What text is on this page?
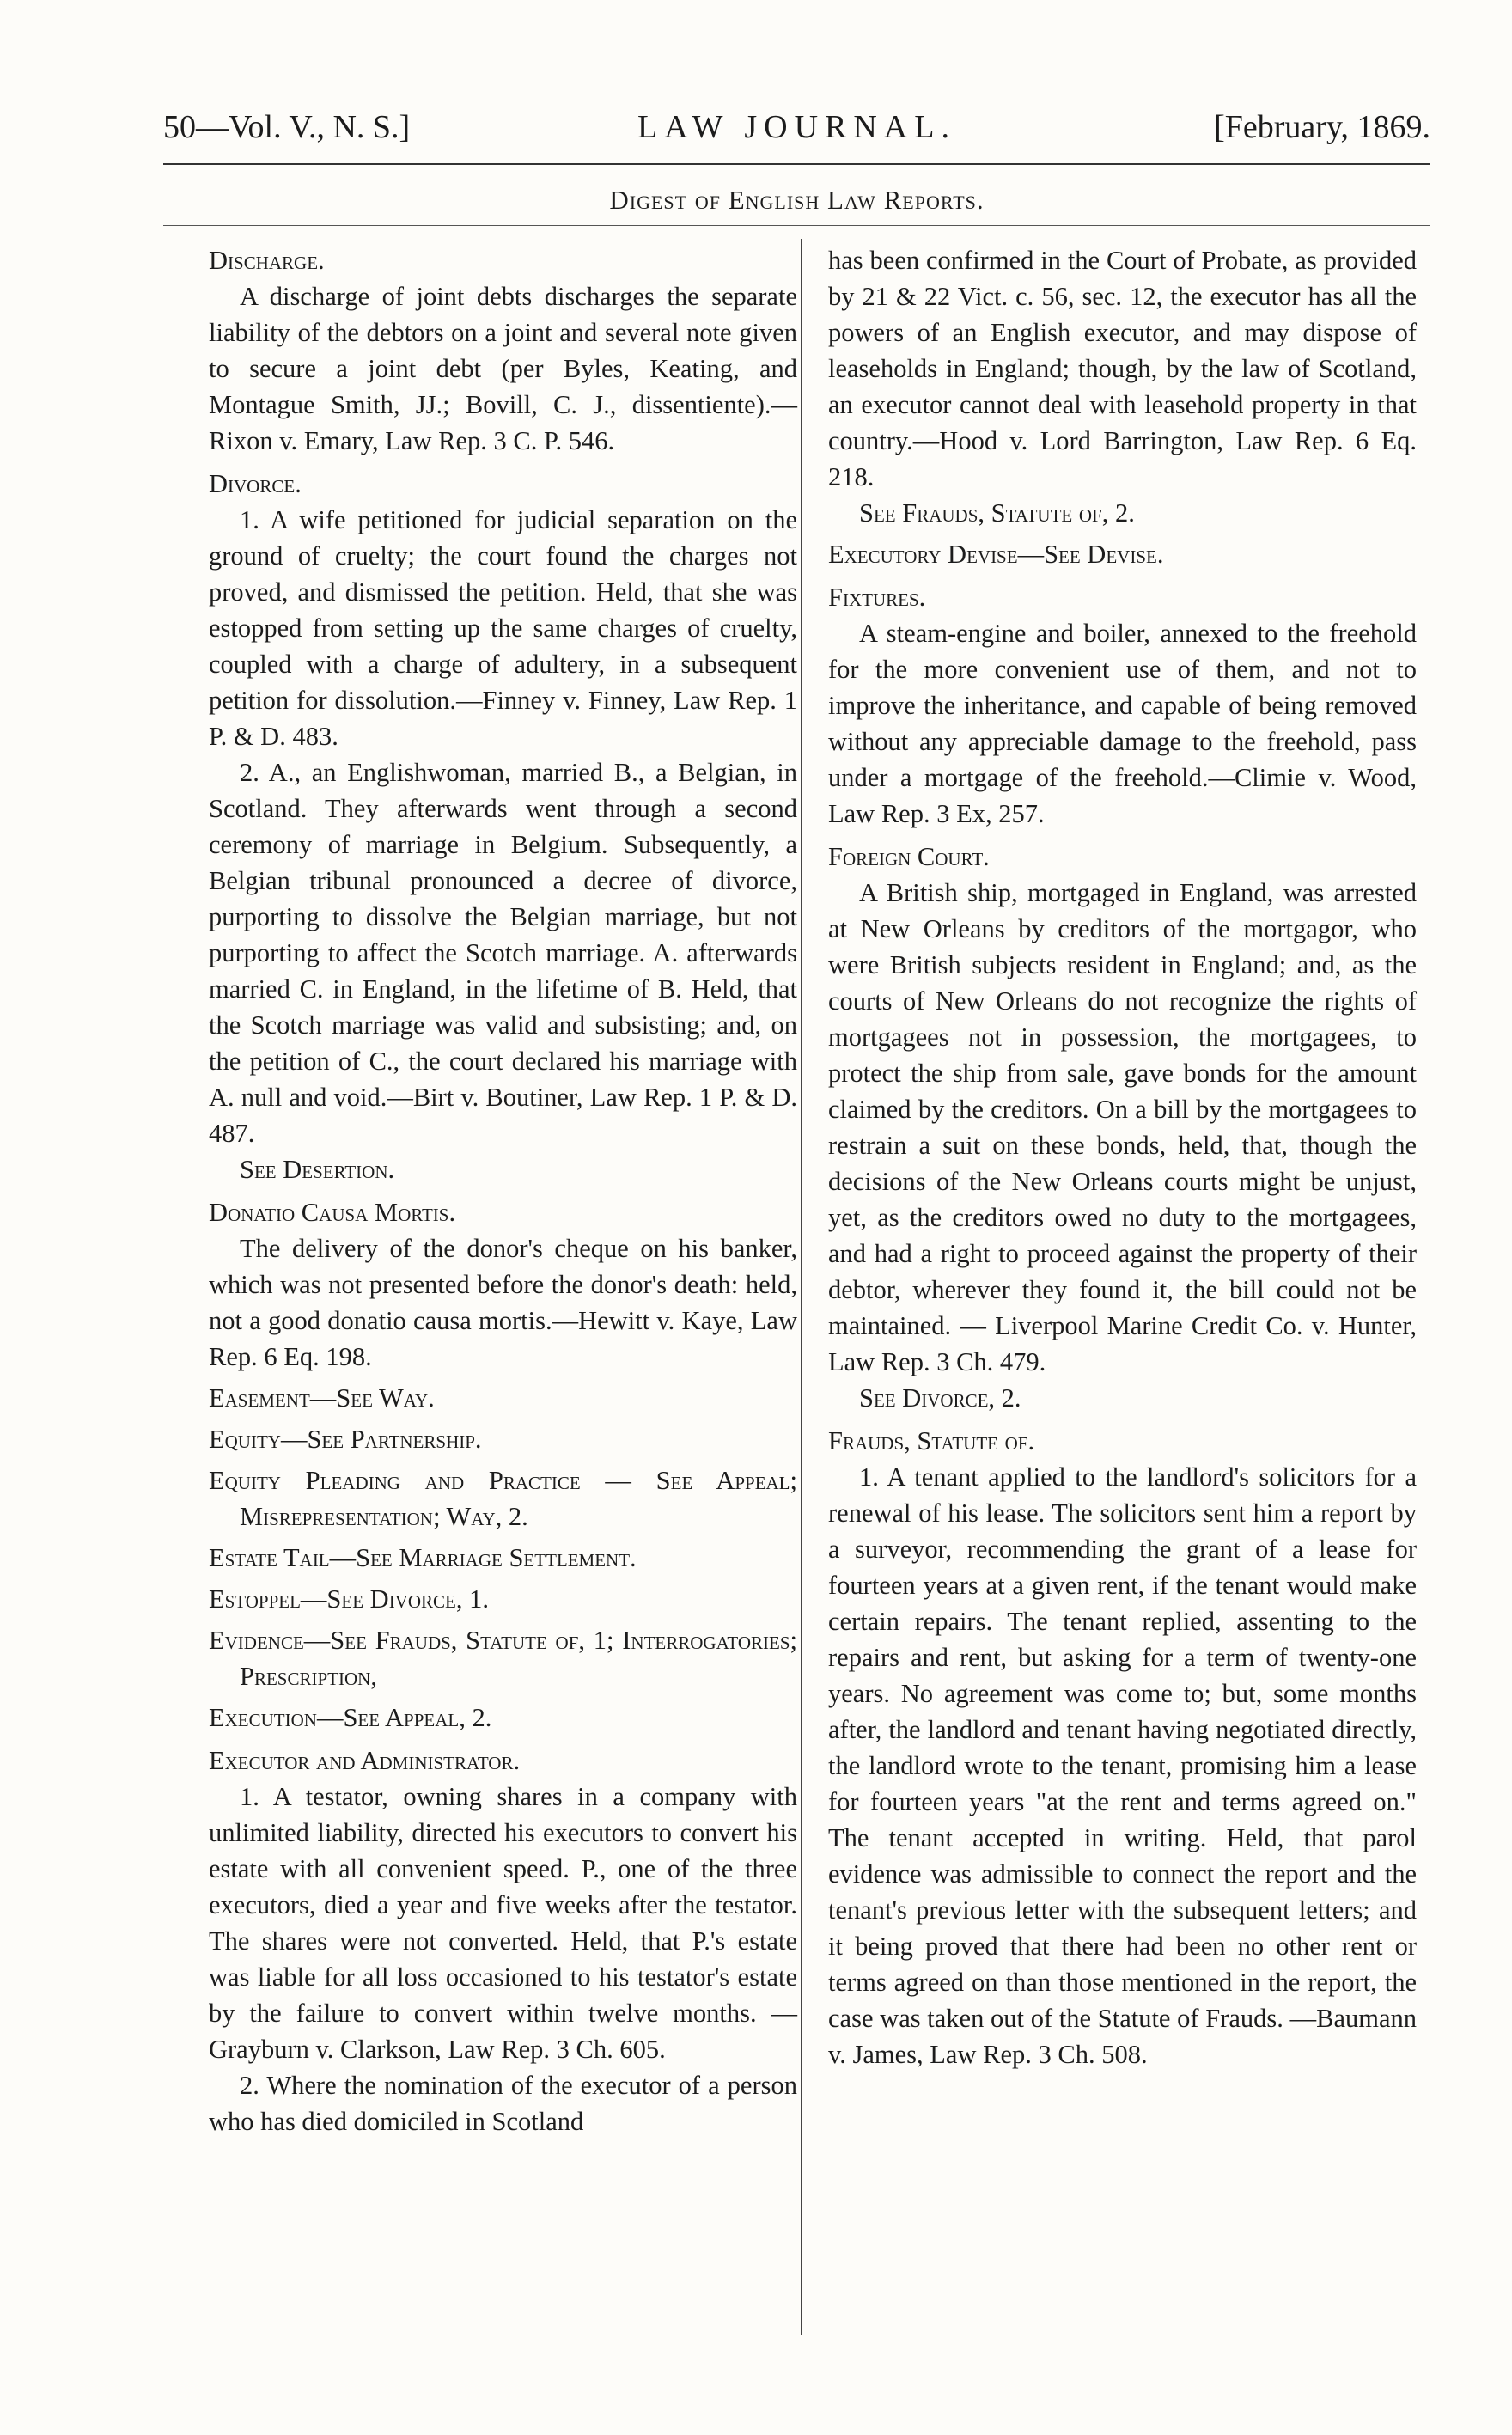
50—Vol. V., N. S.]	LAW JOURNAL.	[February, 1869.
Digest of English Law Reports.

Discharge.

A discharge of joint debts discharges the separate liability of the debtors on a joint and several note given to secure a joint debt (per Byles, Keating, and Montague Smith, JJ.; Bovill, C. J., dissentiente).—Rixon v. Emary, Law Rep. 3 C. P. 546.

Divorce.

1. A wife petitioned for judicial separation on the ground of cruelty; the court found the charges not proved, and dismissed the petition. Held, that she was estopped from setting up the same charges of cruelty, coupled with a charge of adultery, in a subsequent petition for dissolution.—Finney v. Finney, Law Rep. 1 P. & D. 483.

2. A., an Englishwoman, married B., a Belgian, in Scotland. They afterwards went through a second ceremony of marriage in Belgium. Subsequently, a Belgian tribunal pronounced a decree of divorce, purporting to dissolve the Belgian marriage, but not purporting to affect the Scotch marriage. A. afterwards married C. in England, in the lifetime of B. Held, that the Scotch marriage was valid and subsisting; and, on the petition of C., the court declared his marriage with A. null and void.—Birt v. Boutiner, Law Rep. 1 P. & D. 487.

See Desertion.

Donatio Causa Mortis.

The delivery of the donor's cheque on his banker, which was not presented before the donor's death: held, not a good donatio causa mortis.—Hewitt v. Kaye, Law Rep. 6 Eq. 198.

Easement—See Way.

Equity—See Partnership.

Equity Pleading and Practice — See Appeal; Misrepresentation; Way, 2.

Estate Tail—See Marriage Settlement.

Estoppel—See Divorce, 1.

Evidence—See Frauds, Statute of, 1; Interrogatories; Prescription,

Execution—See Appeal, 2.

Executor and Administrator.

1. A testator, owning shares in a company with unlimited liability, directed his executors to convert his estate with all convenient speed. P., one of the three executors, died a year and five weeks after the testator. The shares were not converted. Held, that P.'s estate was liable for all loss occasioned to his testator's estate by the failure to convert within twelve months. —Grayburn v. Clarkson, Law Rep. 3 Ch. 605.

2. Where the nomination of the executor of a person who has died domiciled in Scotland

has been confirmed in the Court of Probate, as provided by 21 & 22 Vict. c. 56, sec. 12, the executor has all the powers of an English executor, and may dispose of leaseholds in England; though, by the law of Scotland, an executor cannot deal with leasehold property in that country.—Hood v. Lord Barrington, Law Rep. 6 Eq. 218.

See Frauds, Statute of, 2.

Executory Devise—See Devise.

Fixtures.

A steam-engine and boiler, annexed to the freehold for the more convenient use of them, and not to improve the inheritance, and capable of being removed without any appreciable damage to the freehold, pass under a mortgage of the freehold.—Climie v. Wood, Law Rep. 3 Ex, 257.

Foreign Court.

A British ship, mortgaged in England, was arrested at New Orleans by creditors of the mortgagor, who were British subjects resident in England; and, as the courts of New Orleans do not recognize the rights of mortgagees not in possession, the mortgagees, to protect the ship from sale, gave bonds for the amount claimed by the creditors. On a bill by the mortgagees to restrain a suit on these bonds, held, that, though the decisions of the New Orleans courts might be unjust, yet, as the creditors owed no duty to the mortgagees, and had a right to proceed against the property of their debtor, wherever they found it, the bill could not be maintained. — Liverpool Marine Credit Co. v. Hunter, Law Rep. 3 Ch. 479.

See Divorce, 2.

Frauds, Statute of.

1. A tenant applied to the landlord's solicitors for a renewal of his lease. The solicitors sent him a report by a surveyor, recommending the grant of a lease for fourteen years at a given rent, if the tenant would make certain repairs. The tenant replied, assenting to the repairs and rent, but asking for a term of twenty-one years. No agreement was come to; but, some months after, the landlord and tenant having negotiated directly, the landlord wrote to the tenant, promising him a lease for fourteen years "at the rent and terms agreed on." The tenant accepted in writing. Held, that parol evidence was admissible to connect the report and the tenant's previous letter with the subsequent letters; and it being proved that there had been no other rent or terms agreed on than those mentioned in the report, the case was taken out of the Statute of Frauds. —Baumann v. James, Law Rep. 3 Ch. 508.
